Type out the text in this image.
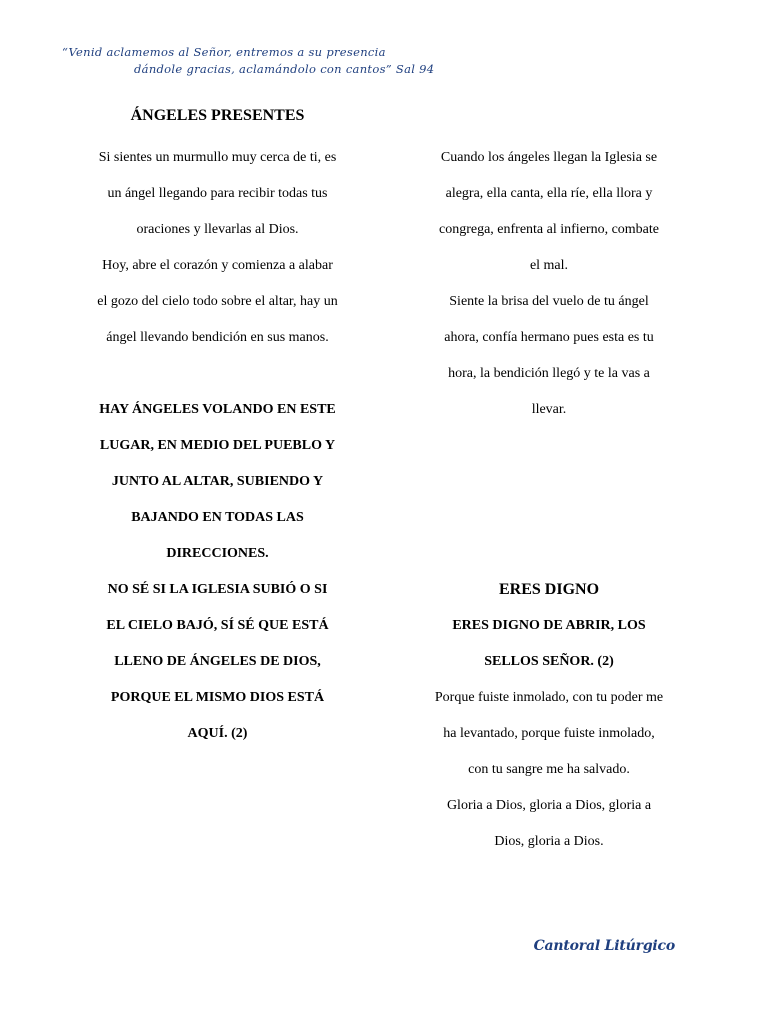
“Venid aclamemos al Señor, entremos a su presencia
dándole gracias, aclamándolo con cantos” Sal 94
ÁNGELES PRESENTES

Si sientes un murmullo muy cerca de ti, es

un ángel llegando para recibir todas tus

oraciones y llevarlas al Dios.

Hoy, abre el corazón y comienza a alabar

el gozo del cielo todo sobre el altar, hay un

ángel llevando bendición en sus manos.

HAY ÁNGELES VOLANDO EN ESTE

LUGAR, EN MEDIO DEL PUEBLO Y

JUNTO AL ALTAR, SUBIENDO Y

BAJANDO EN TODAS LAS

DIRECCIONES.

NO SÉ SI LA IGLESIA SUBIÓ O SI

EL CIELO BAJÓ, SÍ SÉ QUE ESTÁ

LLENO DE ÁNGELES DE DIOS,

PORQUE EL MISMO DIOS ESTÁ

AQUÍ. (2)

Cuando los ángeles llegan la Iglesia se

alegra, ella canta, ella ríe, ella llora y

congrega, enfrenta al infierno, combate

el mal.

Siente la brisa del vuelo de tu ángel

ahora, confía hermano pues esta es tu

hora, la bendición llegó y te la vas a

llevar.

ERES DIGNO

ERES DIGNO DE ABRIR, LOS

SELLOS SEÑOR. (2)

Porque fuiste inmolado, con tu poder me

ha levantado, porque fuiste inmolado,

con tu sangre me ha salvado.

Gloria a Dios, gloria a Dios, gloria a

Dios, gloria a Dios.

Cantoral Litúrgico
